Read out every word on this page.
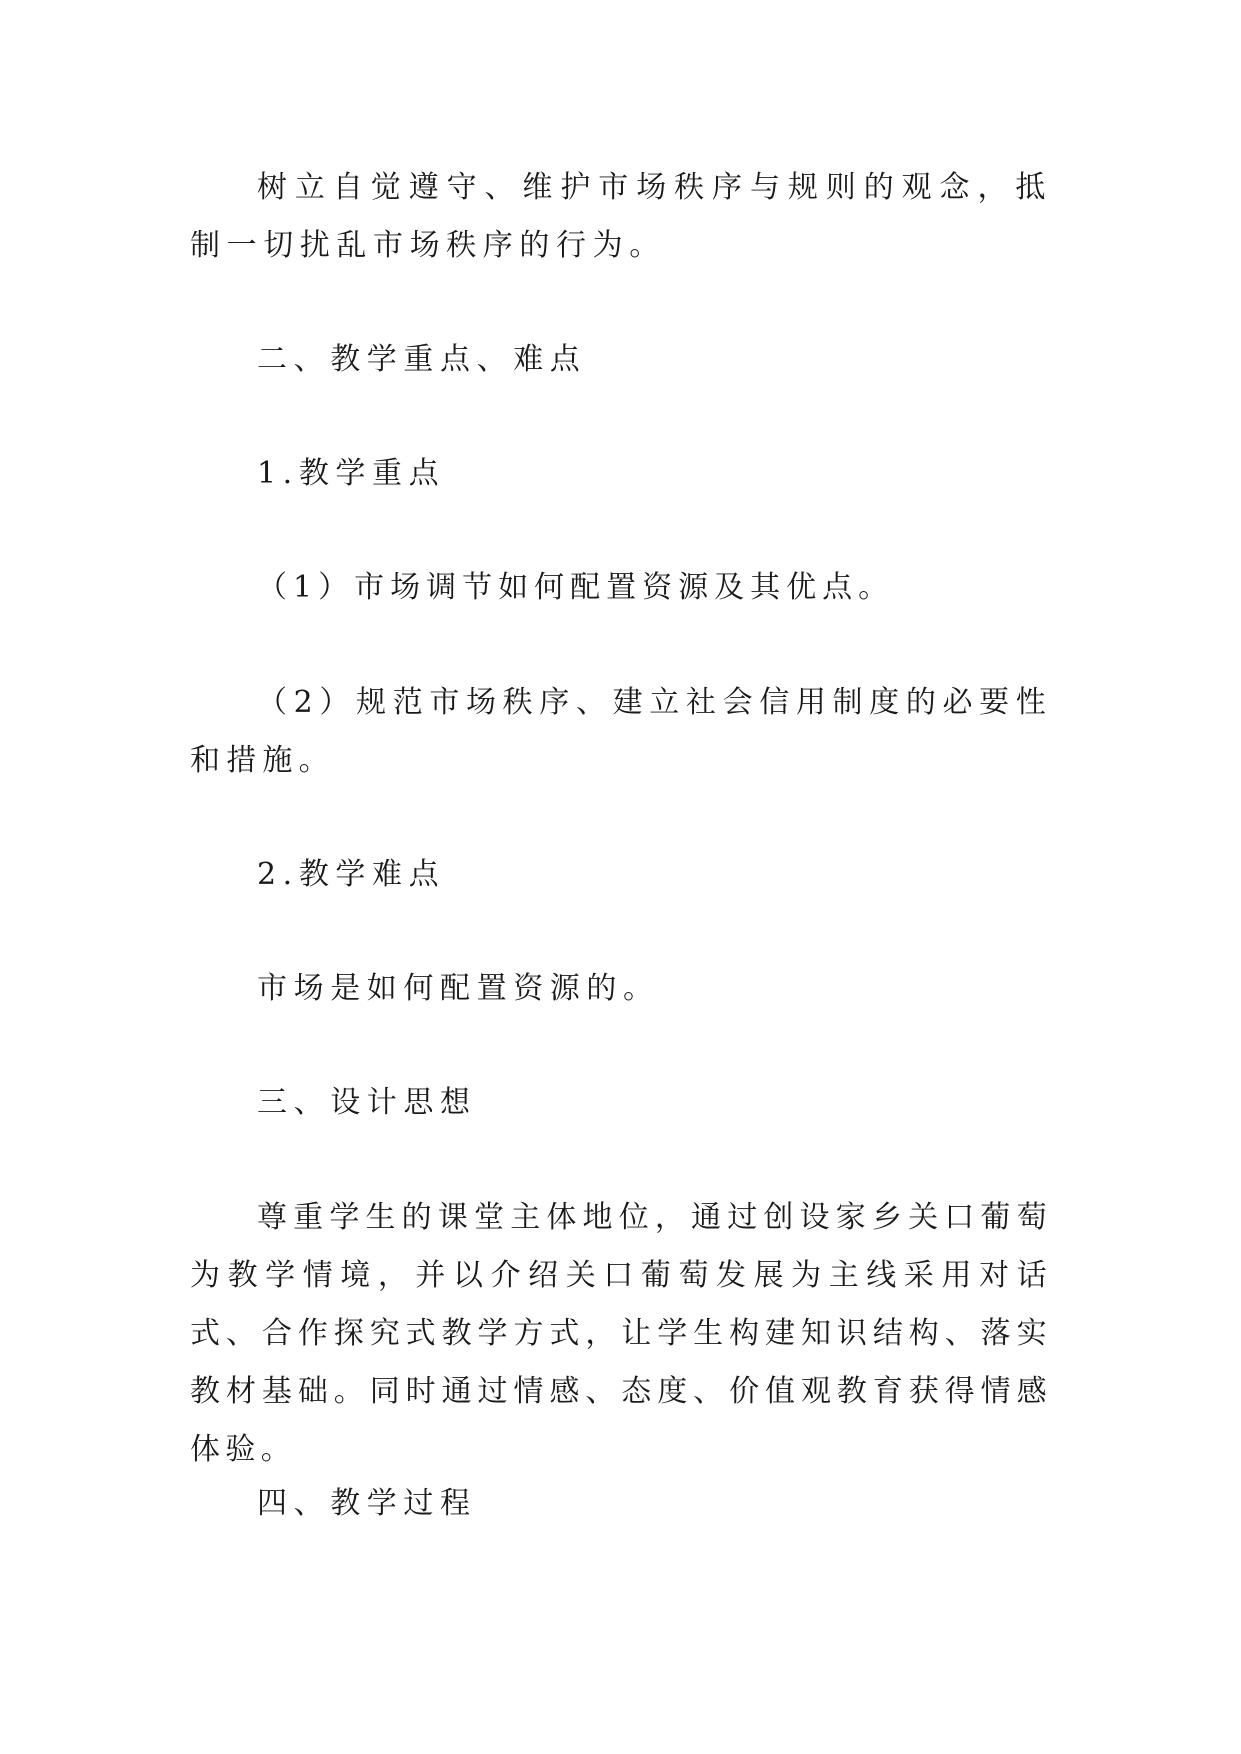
树立自觉遵守、维护市场秩序与规则的观念，抵制一切扰乱市场秩序的行为。

二、教学重点、难点

1.教学重点

（1）市场调节如何配置资源及其优点。

（2）规范市场秩序、建立社会信用制度的必要性和措施。

2.教学难点

市场是如何配置资源的。

三、设计思想

尊重学生的课堂主体地位，通过创设家乡关口葡萄为教学情境，并以介绍关口葡萄发展为主线采用对话式、合作探究式教学方式，让学生构建知识结构、落实教材基础。同时通过情感、态度、价值观教育获得情感体验。

四、教学过程
